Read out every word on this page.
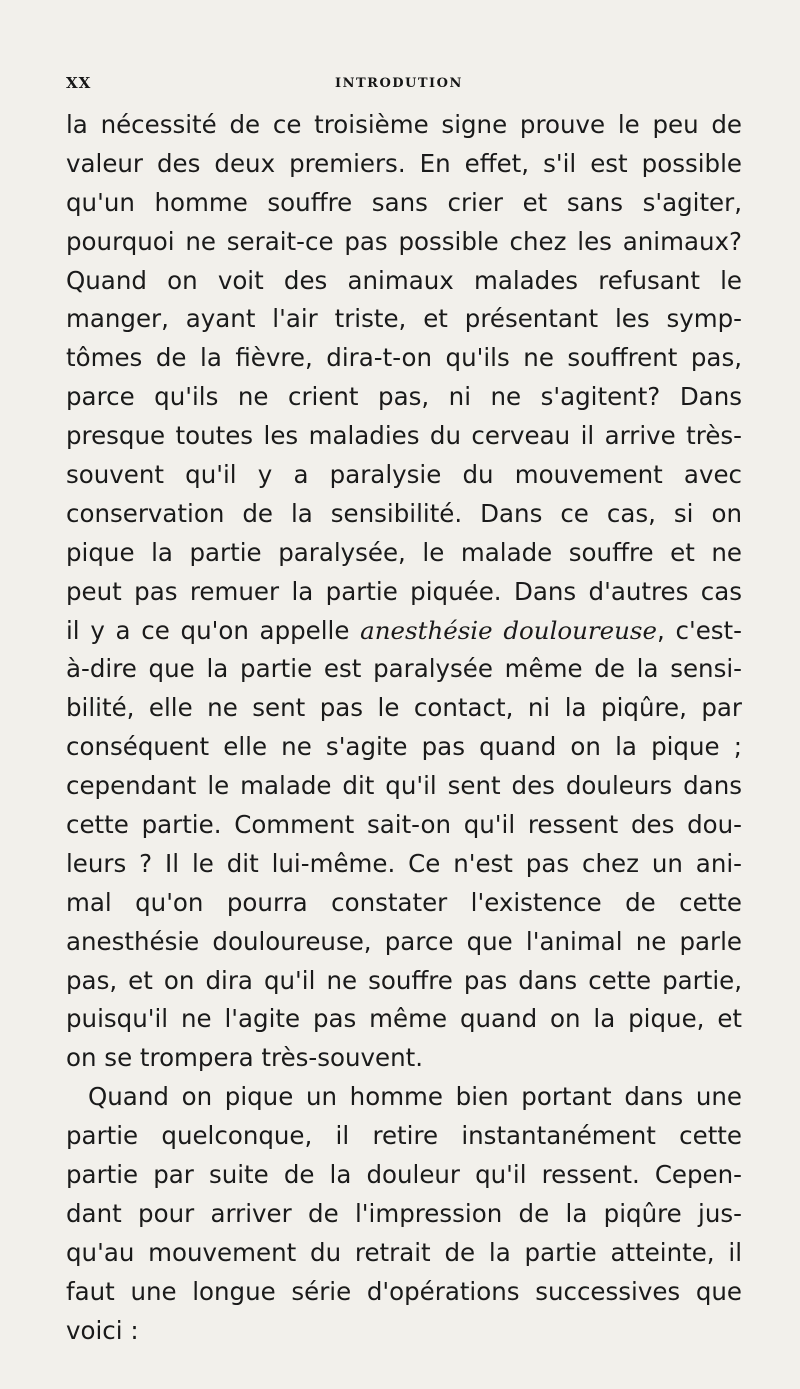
XX	INTRODUTION
la nécessité de ce troisième signe prouve le peu de
valeur des deux premiers. En effet, s'il est possible
qu'un homme souffre sans crier et sans s'agiter,
pourquoi ne serait-ce pas possible chez les animaux?
Quand on voit des animaux malades refusant le
manger, ayant l'air triste, et présentant les symp-
tômes de la fièvre, dira-t-on qu'ils ne souffrent pas,
parce qu'ils ne crient pas, ni ne s'agitent? Dans
presque toutes les maladies du cerveau il arrive très-
souvent qu'il y a paralysie du mouvement avec
conservation de la sensibilité. Dans ce cas, si on
pique la partie paralysée, le malade souffre et ne
peut pas remuer la partie piquée. Dans d'autres cas
il y a ce qu'on appelle anesthésie douloureuse, c'est-
à-dire que la partie est paralysée même de la sensi-
bilité, elle ne sent pas le contact, ni la piqûre, par
conséquent elle ne s'agite pas quand on la pique ;
cependant le malade dit qu'il sent des douleurs dans
cette partie. Comment sait-on qu'il ressent des dou-
leurs ? Il le dit lui-même. Ce n'est pas chez un ani-
mal qu'on pourra constater l'existence de cette
anesthésie douloureuse, parce que l'animal ne parle
pas, et on dira qu'il ne souffre pas dans cette partie,
puisqu'il ne l'agite pas même quand on la pique, et
on se trompera très-souvent.
Quand on pique un homme bien portant dans une
partie quelconque, il retire instantanément cette
partie par suite de la douleur qu'il ressent. Cepen-
dant pour arriver de l'impression de la piqûre jus-
qu'au mouvement du retrait de la partie atteinte, il
faut une longue série d'opérations successives que
voici :
